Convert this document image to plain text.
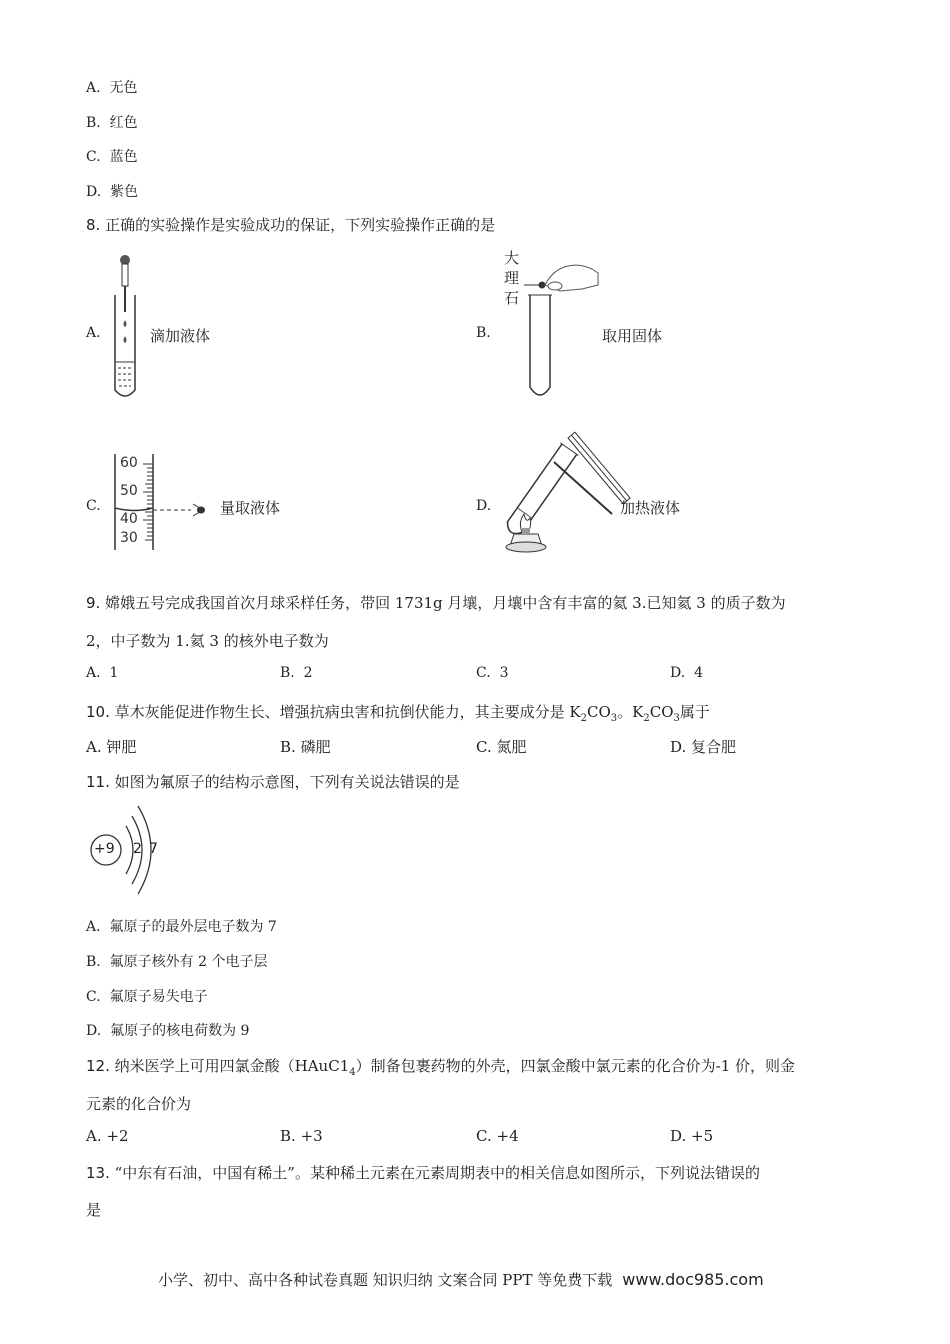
A. 无色
B. 红色
C. 蓝色
D. 紫色
8. 正确的实验操作是实验成功的保证，下列实验操作正确的是
A.	滴加液体
大
理
石
B.	取用固体
60
50
40
30
C.	量取液体	D.	加热液体
9. 嫦娥五号完成我国首次月球采样任务，带回 1731g 月壤，月壤中含有丰富的氦 3.已知氦 3 的质子数为
2，中子数为 1.氦 3 的核外电子数为
A. 1	B. 2	C. 3	D. 4
10. 草木灰能促进作物生长、增强抗病虫害和抗倒伏能力，其主要成分是 $K_2CO_3$。$K_2CO_3$属于
A. 钾肥	B. 磷肥	C. 氮肥	D. 复合肥
11. 如图为氟原子的结构示意图，下列有关说法错误的是
+9 2 7
A. 氟原子的最外层电子数为 7
B. 氟原子核外有 2 个电子层
C. 氟原子易失电子
D. 氟原子的核电荷数为 9
12. 纳米医学上可用四氯金酸$(HAuC1_4)$制备包裹药物的外壳，四氯金酸中氯元素的化合价为-1 价，则金
元素的化合价为
A. +2	B. +3	C. +4	D. +5
13. “中东有石油，中国有稀土”。某种稀土元素在元素周期表中的相关信息如图所示，下列说法错误的
是
小学、初中、高中各种试卷真题 知识归纳 文案合同 PPT 等免费下载 www.doc985.com
